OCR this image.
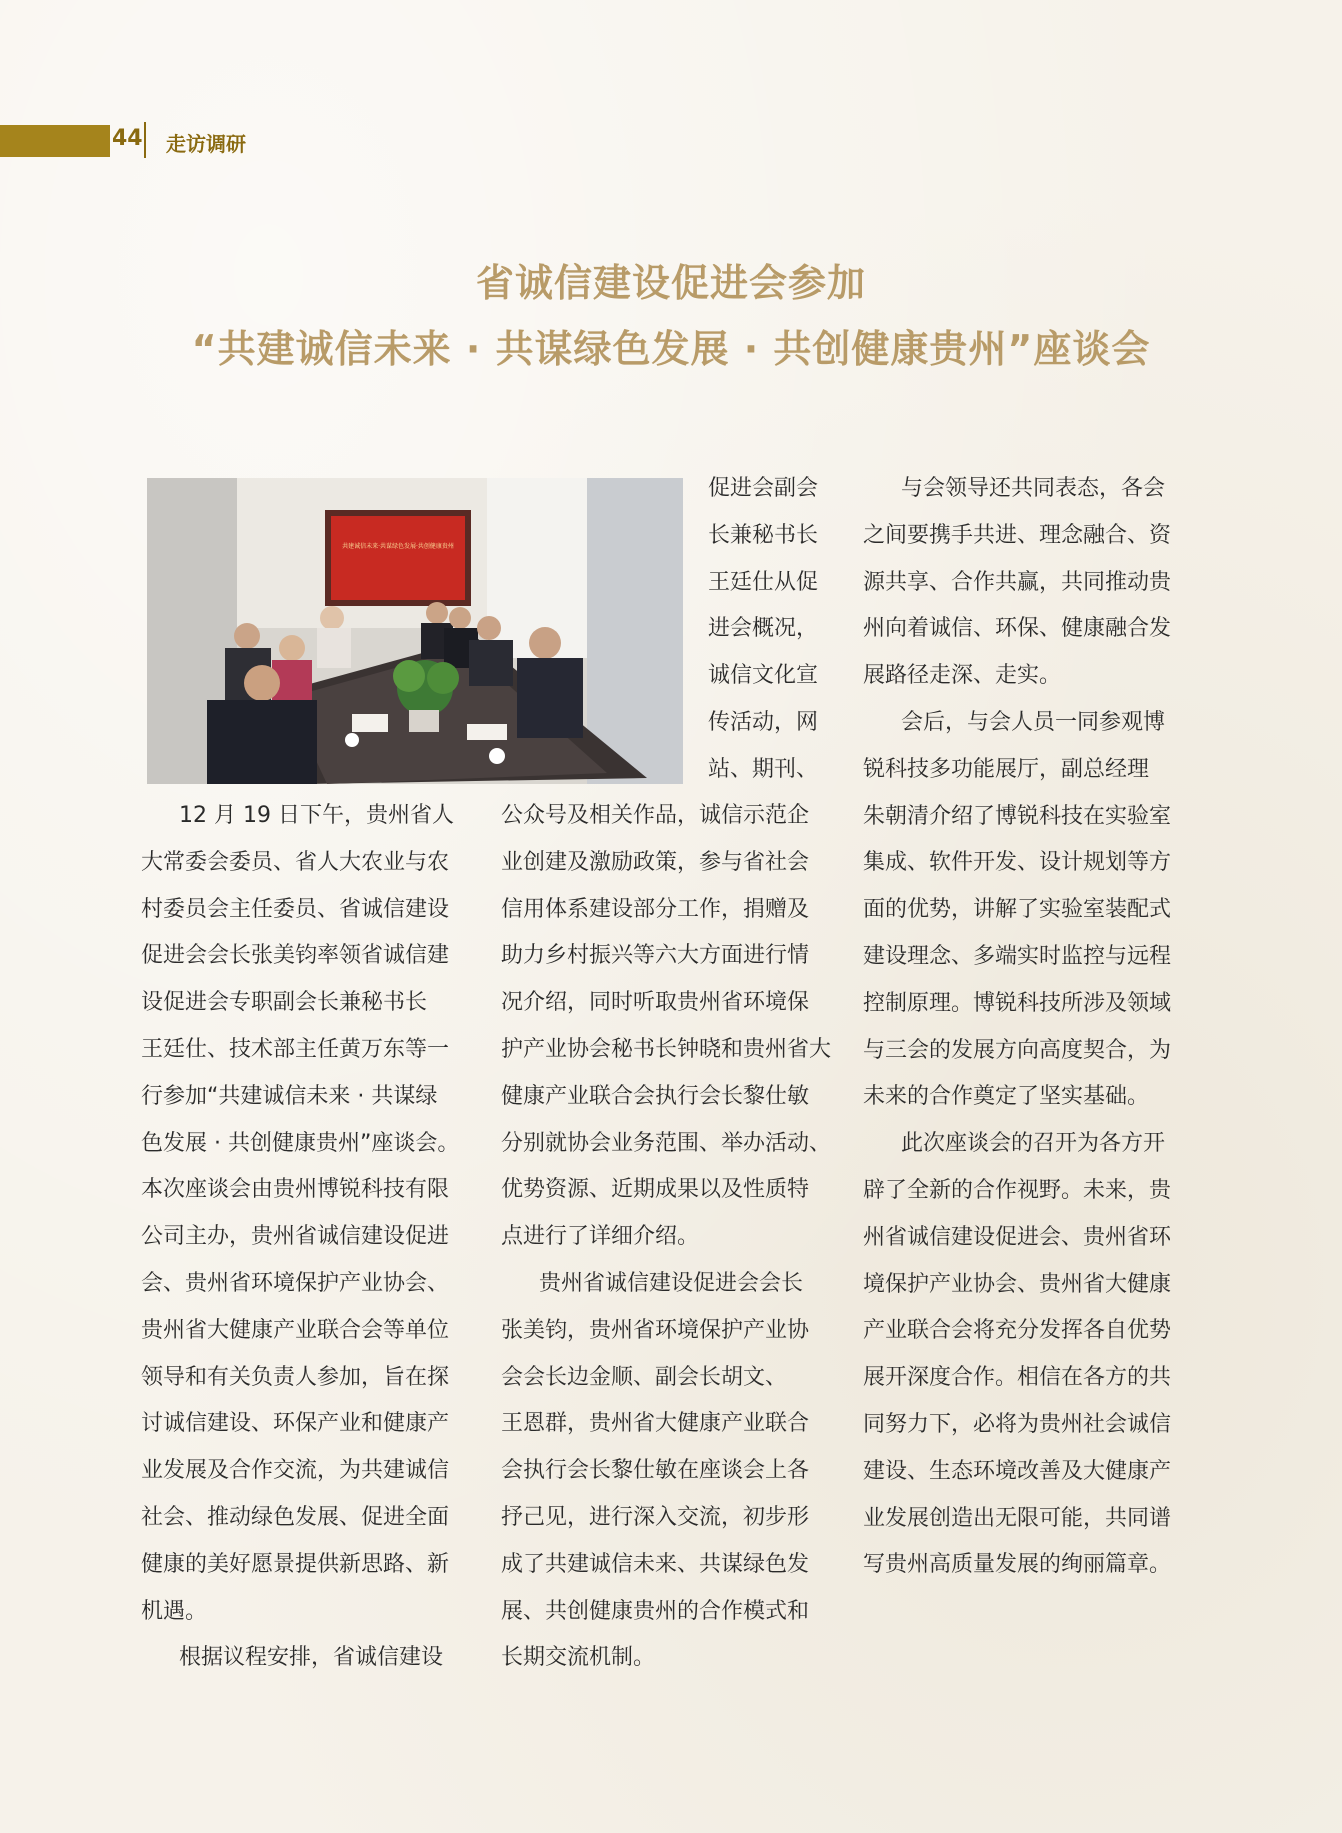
44 走访调研
省诚信建设促进会参加
“共建诚信未来 · 共谋绿色发展 · 共创健康贵州”座谈会
共建诚信未来·共谋绿色发展·共创健康贵州

12 月 19 日下午，贵州省人

大常委会委员、省人大农业与农

村委员会主任委员、省诚信建设

促进会会长张美钧率领省诚信建

设促进会专职副会长兼秘书长

王廷仕、技术部主任黄万东等一

行参加“共建诚信未来 · 共谋绿

色发展 · 共创健康贵州”座谈会。

本次座谈会由贵州博锐科技有限

公司主办，贵州省诚信建设促进

会、贵州省环境保护产业协会、

贵州省大健康产业联合会等单位

领导和有关负责人参加，旨在探

讨诚信建设、环保产业和健康产

业发展及合作交流，为共建诚信

社会、推动绿色发展、促进全面

健康的美好愿景提供新思路、新

机遇。

根据议程安排，省诚信建设

促进会副会

长兼秘书长

王廷仕从促

进会概况，

诚信文化宣

传活动，网

站、期刊、

公众号及相关作品，诚信示范企

业创建及激励政策，参与省社会

信用体系建设部分工作，捐赠及

助力乡村振兴等六大方面进行情

况介绍，同时听取贵州省环境保

护产业协会秘书长钟晓和贵州省大

健康产业联合会执行会长黎仕敏

分别就协会业务范围、举办活动、

优势资源、近期成果以及性质特

点进行了详细介绍。

贵州省诚信建设促进会会长

张美钧，贵州省环境保护产业协

会会长边金顺、副会长胡文、

王恩群，贵州省大健康产业联合

会执行会长黎仕敏在座谈会上各

抒己见，进行深入交流，初步形

成了共建诚信未来、共谋绿色发

展、共创健康贵州的合作模式和

长期交流机制。

与会领导还共同表态，各会

之间要携手共进、理念融合、资

源共享、合作共赢，共同推动贵

州向着诚信、环保、健康融合发

展路径走深、走实。

会后，与会人员一同参观博

锐科技多功能展厅，副总经理

朱朝清介绍了博锐科技在实验室

集成、软件开发、设计规划等方

面的优势，讲解了实验室装配式

建设理念、多端实时监控与远程

控制原理。博锐科技所涉及领域

与三会的发展方向高度契合，为

未来的合作奠定了坚实基础。

此次座谈会的召开为各方开

辟了全新的合作视野。未来，贵

州省诚信建设促进会、贵州省环

境保护产业协会、贵州省大健康

产业联合会将充分发挥各自优势

展开深度合作。相信在各方的共

同努力下，必将为贵州社会诚信

建设、生态环境改善及大健康产

业发展创造出无限可能，共同谱

写贵州高质量发展的绚丽篇章。
